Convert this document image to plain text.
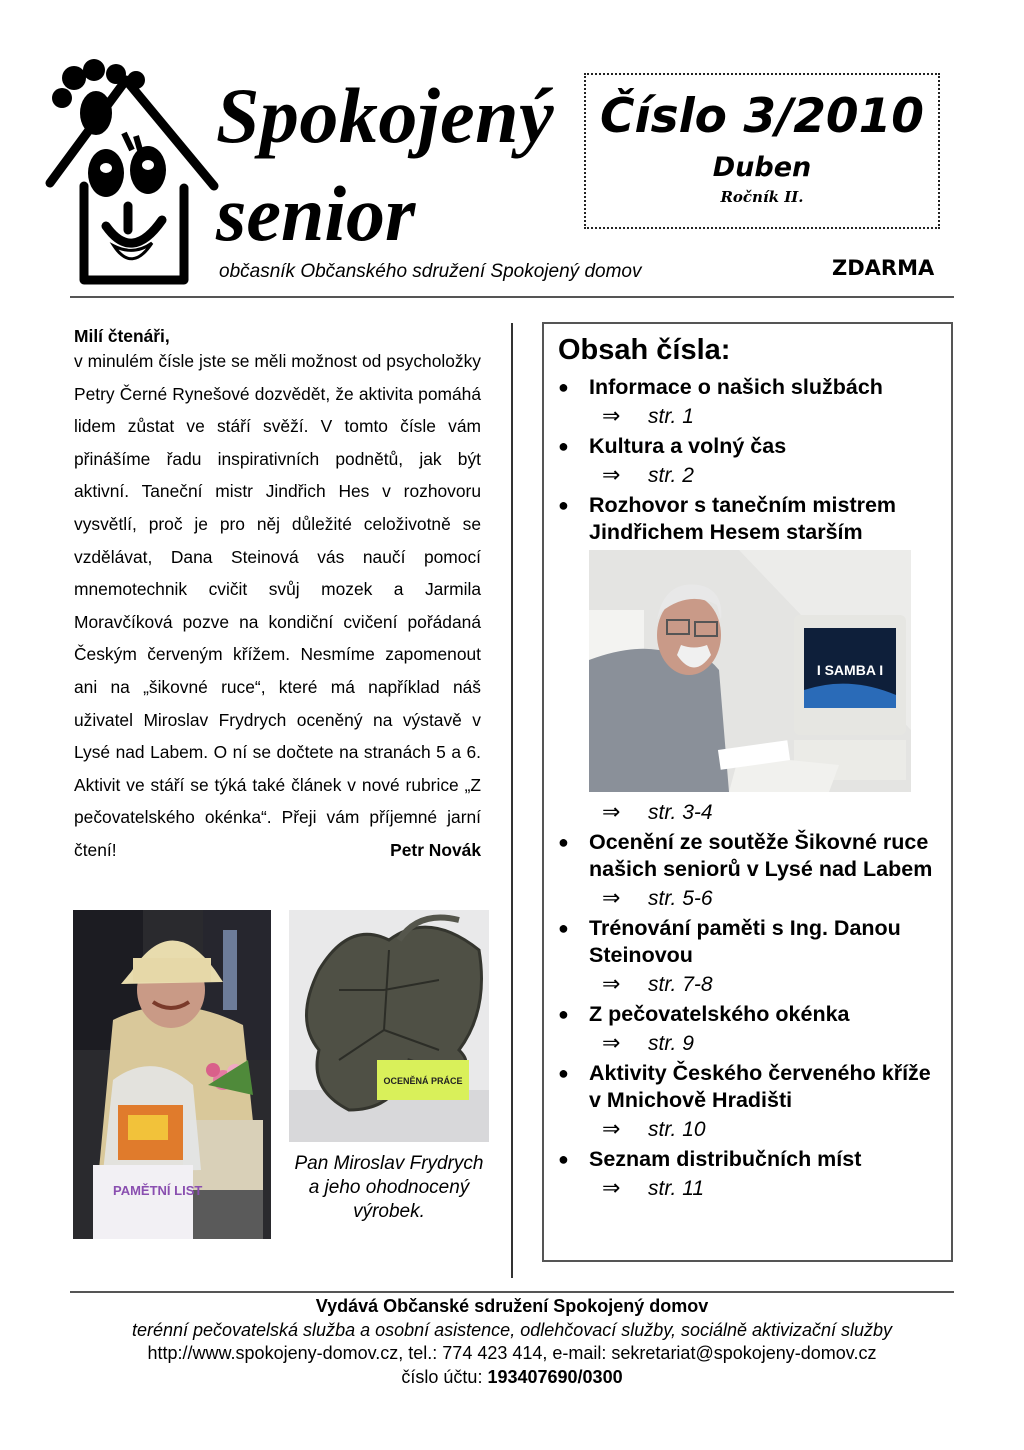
Spokojený
senior
občasník Občanského sdružení Spokojený domov
Číslo 3/2010
Duben
Ročník II.
ZDARMA
Milí čtenáři,

v minulém čísle jste se měli možnost od psycholožky Petry Černé Rynešové dozvědět, že aktivita pomáhá lidem zůstat ve stáří svěží. V tomto čísle vám přinášíme řadu inspirativních podnětů, jak být aktivní. Taneční mistr Jindřich Hes v rozhovoru vysvětlí, proč je pro něj důležité celoživotně se vzdělávat, Dana Steinová vás naučí pomocí mnemotechnik cvičit svůj mozek a Jarmila Moravčíková pozve na kondiční cvičení pořádaná Českým červeným křížem. Nesmíme zapomenout ani na „šikovné ruce“, které má například náš uživatel Miroslav Frydrych oceněný na výstavě v Lysé nad Labem. O ní se dočtete na stranách 5 a 6. Aktivit ve stáří se týká také článek v nové rubrice „Z pečovatelského okénka“. Přeji vám příjemné jarní čtení!	Petr Novák

PAMĚTNÍ LIST
OCENĚNÁ PRÁCE
Pan Miroslav Frydrych a jeho ohodnocený výrobek.
Obsah čísla:
● Informace o našich službách
⇒ str. 1
● Kultura a volný čas
⇒ str. 2
● Rozhovor s tanečním mistrem Jindřichem Hesem starším
I SAMBA I
⇒ str. 3-4
● Ocenění ze soutěže Šikovné ruce našich seniorů v Lysé nad Labem
⇒ str. 5-6
● Trénování paměti s Ing. Danou Steinovou
⇒ str. 7-8
● Z pečovatelského okénka
⇒ str. 9
● Aktivity Českého červeného kříže v Mnichově Hradišti
⇒ str. 10
● Seznam distribučních míst
⇒ str. 11
Vydává Občanské sdružení Spokojený domov
terénní pečovatelská služba a osobní asistence, odlehčovací služby, sociálně aktivizační služby
http://www.spokojeny-domov.cz, tel.: 774 423 414, e-mail: sekretariat@spokojeny-domov.cz
číslo účtu: 193407690/0300
